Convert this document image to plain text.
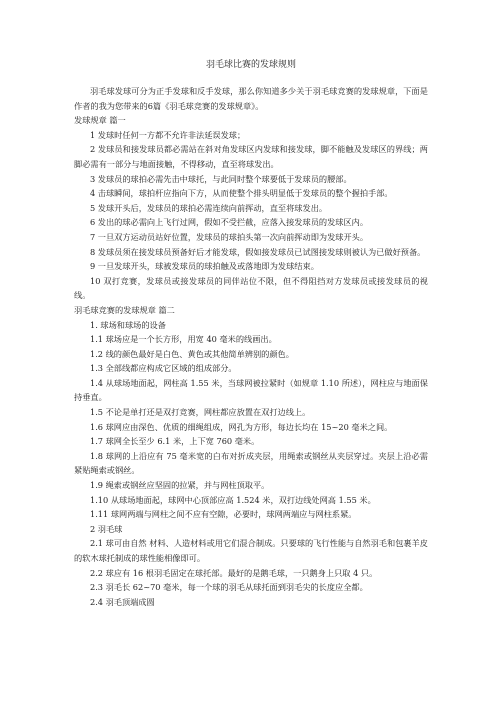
羽毛球比赛的发球规则

羽毛球发球可分为正手发球和反手发球，那么你知道多少关于羽毛球竞赛的发球规章，下面是作者的我为您带来的6篇《羽毛球竞赛的发球规章》。

发球规章 篇一

1 发球时任何一方都不允许非法延误发球；

2 发球员和接发球员都必需站在斜对角发球区内发球和接发球，脚不能触及发球区的界线；两脚必需有一部分与地面接触，不得移动，直至将球发出。

3 发球员的球拍必需先击中球托，与此同时整个球要低于发球员的腰部。

4 击球瞬间，球拍杆应指向下方，从而使整个排头明显低于发球员的整个握拍手部。

5 发球开头后，发球员的球拍必需连续向前挥动，直至将球发出。

6 发出的球必需向上飞行过网，假如不受拦截，应落入接发球员的发球区内。

7 一旦双方运动员站好位置，发球员的球拍头第一次向前挥动即为发球开头。

8 发球员须在接发球员预备好后才能发球，假如接发球员已试图接发球则被认为已做好预备。

9 一旦发球开头，球被发球员的球拍触及或落地即为发球结束。

10 双打竞赛，发球员或接发球员的同伴站位不限，但不得阻挡对方发球员或接发球员的视线。

羽毛球竞赛的发球规章 篇二

1. 球场和球场的设备

1.1 球场应是一个长方形，用宽 40 毫米的线画出。

1.2 线的颜色最好是白色、黄色或其他简单辨别的颜色。

1.3 全部线都应构成它区域的组成部分。

1.4 从球场地面起，网柱高 1.55 米，当球网被拉紧时（如规章 1.10 所述），网柱应与地面保持垂直。

1.5 不论是单打还是双打竞赛，网柱都应放置在双打边线上。

1.6 球网应由深色、优质的细绳组成，网孔为方形，每边长均在 15~20 毫米之间。

1.7 球网全长至少 6.1 米，上下宽 760 毫米。

1.8 球网的上沿应有 75 毫米宽的白布对折成夹层，用绳索或钢丝从夹层穿过。夹层上沿必需紧贴绳索或钢丝。

1.9 绳索或钢丝应坚固的拉紧，并与网柱顶取平。

1.10 从球场地面起，球网中心顶部应高 1.524 米，双打边线处网高 1.55 米。

1.11 球网两端与网柱之间不应有空隙，必要时，球网两端应与网柱系紧。

2 羽毛球

2.1 球可由自然 材料、人造材料或用它们混合制成。只要球的飞行性能与自然羽毛和包裹羊皮的软木球托制成的球性能相像即可。

2.2 球应有 16 根羽毛固定在球托部。最好的是鹅毛球，一只鹅身上只取 4 只。

2.3 羽毛长 62~70 毫米，每一个球的羽毛从球托面到羽毛尖的长度应全都。

2.4 羽毛顶端成圆
